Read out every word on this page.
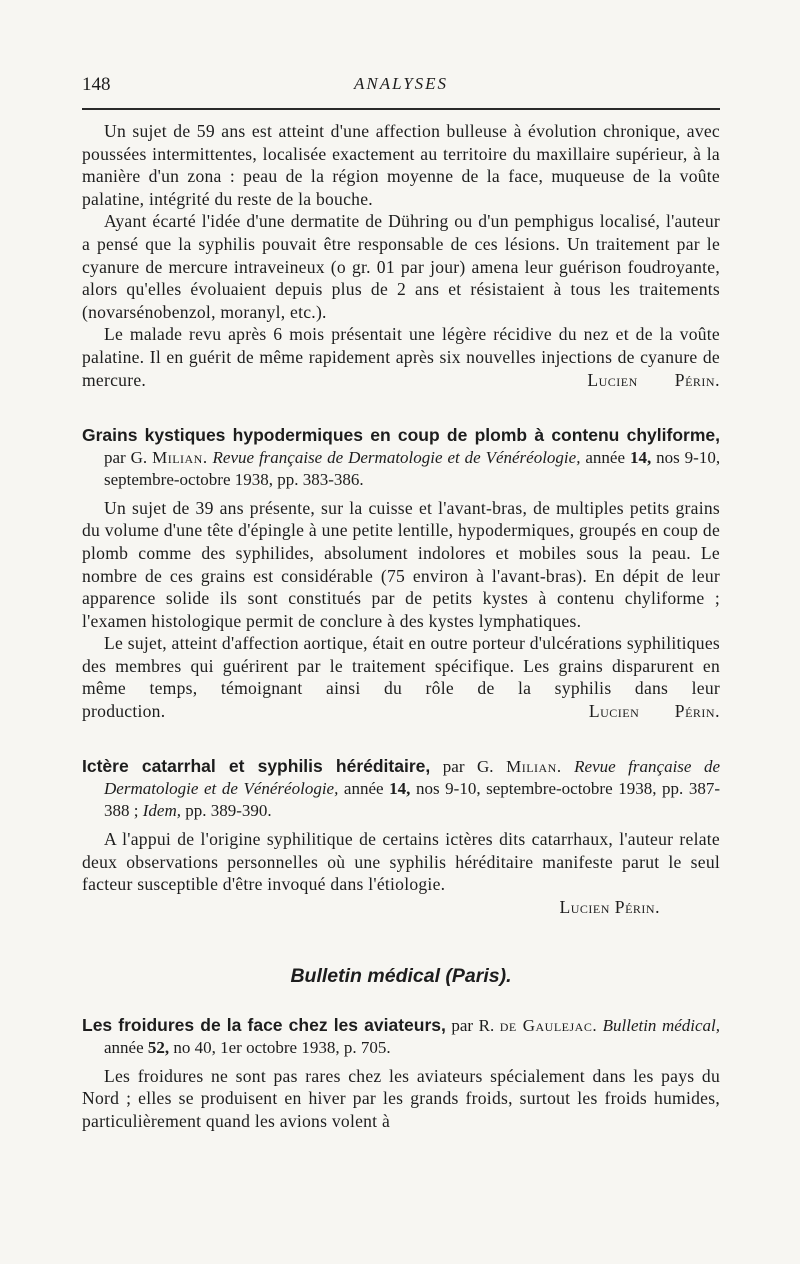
148	ANALYSES

Un sujet de 59 ans est atteint d'une affection bulleuse à évolution chronique, avec poussées intermittentes, localisée exactement au territoire du maxillaire supérieur, à la manière d'un zona : peau de la région moyenne de la face, muqueuse de la voûte palatine, intégrité du reste de la bouche.

Ayant écarté l'idée d'une dermatite de Dühring ou d'un pemphigus localisé, l'auteur a pensé que la syphilis pouvait être responsable de ces lésions. Un traitement par le cyanure de mercure intraveineux (o gr. 01 par jour) amena leur guérison foudroyante, alors qu'elles évoluaient depuis plus de 2 ans et résistaient à tous les traitements (novarsénobenzol, moranyl, etc.).

Le malade revu après 6 mois présentait une légère récidive du nez et de la voûte palatine. Il en guérit de même rapidement après six nouvelles injections de cyanure de mercure.	Lucien Périn.

Grains kystiques hypodermiques en coup de plomb à contenu chyliforme, par G. Milian. Revue française de Dermatologie et de Vénéréologie, année 14, nos 9-10, septembre-octobre 1938, pp. 383-386.

Un sujet de 39 ans présente, sur la cuisse et l'avant-bras, de multiples petits grains du volume d'une tête d'épingle à une petite lentille, hypodermiques, groupés en coup de plomb comme des syphilides, absolument indolores et mobiles sous la peau. Le nombre de ces grains est considérable (75 environ à l'avant-bras). En dépit de leur apparence solide ils sont constitués par de petits kystes à contenu chyliforme ; l'examen histologique permit de conclure à des kystes lymphatiques.

Le sujet, atteint d'affection aortique, était en outre porteur d'ulcérations syphilitiques des membres qui guérirent par le traitement spécifique. Les grains disparurent en même temps, témoignant ainsi du rôle de la syphilis dans leur production.	Lucien Périn.

Ictère catarrhal et syphilis héréditaire, par G. Milian. Revue française de Dermatologie et de Vénéréologie, année 14, nos 9-10, septembre-octobre 1938, pp. 387-388 ; Idem, pp. 389-390.

A l'appui de l'origine syphilitique de certains ictères dits catarrhaux, l'auteur relate deux observations personnelles où une syphilis héréditaire manifeste parut le seul facteur susceptible d'être invoqué dans l'étiologie.

Lucien Périn.

Bulletin médical (Paris).
Les froidures de la face chez les aviateurs, par R. de Gaulejac. Bulletin médical, année 52, no 40, 1er octobre 1938, p. 705.

Les froidures ne sont pas rares chez les aviateurs spécialement dans les pays du Nord ; elles se produisent en hiver par les grands froids, surtout les froids humides, particulièrement quand les avions volent à
